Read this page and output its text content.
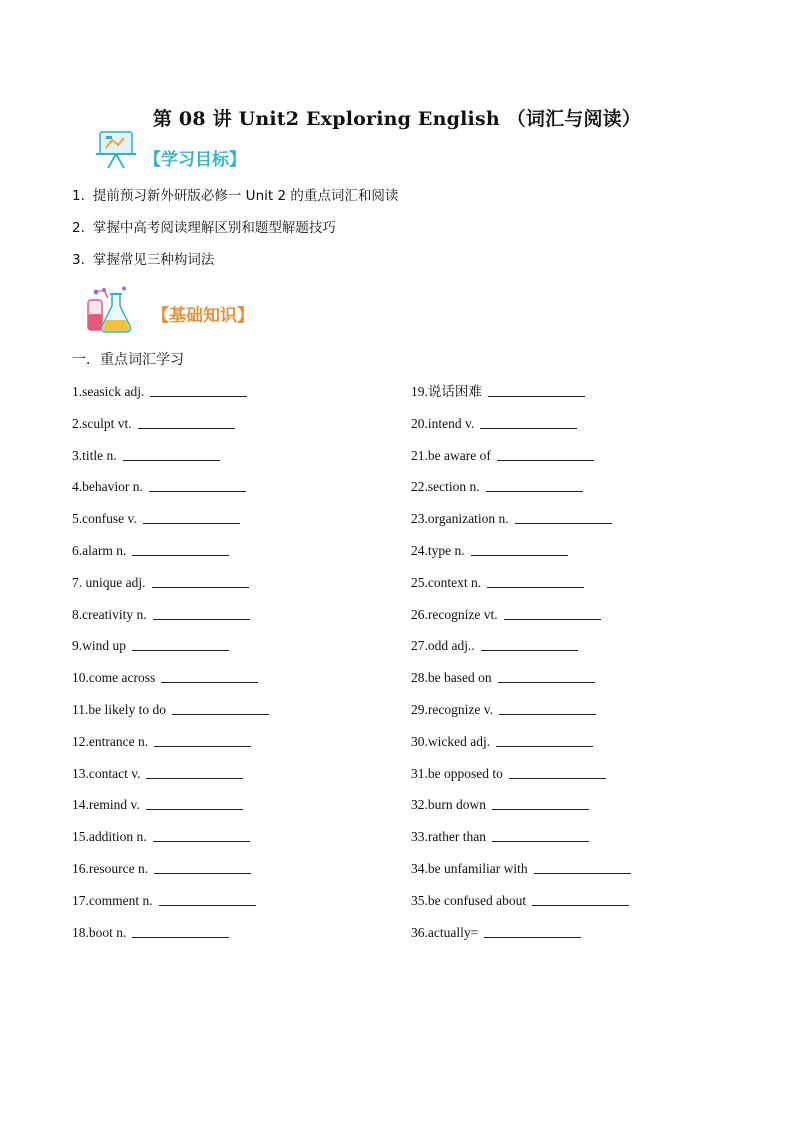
第 08 讲 Unit2 Exploring English （词汇与阅读）
【学习目标】
1. 提前预习新外研版必修一 Unit 2 的重点词汇和阅读
2. 掌握中高考阅读理解区别和题型解题技巧
3. 掌握常见三种构词法
【基础知识】
一．重点词汇学习
1.seasick adj.
2.sculpt vt.
3.title n.
4.behavior n.
5.confuse v.
6.alarm n.
7. unique adj.
8.creativity n.
9.wind up
10.come across
11.be likely to do
12.entrance n.
13.contact v.
14.remind v.
15.addition n.
16.resource n.
17.comment n.
18.boot n.
19.说话困难
20.intend v.
21.be aware of
22.section n.
23.organization n.
24.type n.
25.context n.
26.recognize vt.
27.odd adj..
28.be based on
29.recognize v.
30.wicked adj.
31.be opposed to
32.burn down
33.rather than
34.be unfamiliar with
35.be confused about
36.actually=
